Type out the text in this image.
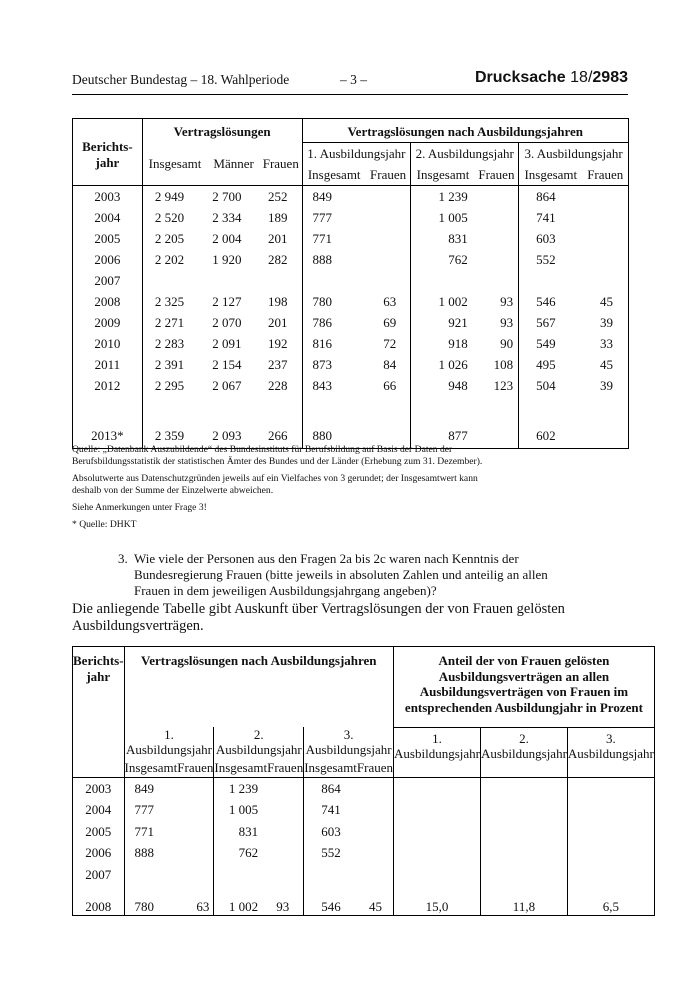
Deutscher Bundestag – 18. Wahlperiode	– 3 –	Drucksache 18/2983
Berichts-jahr	Vertragslösungen			Vertragslösungen nach Ausbildungsjahren					
	Insgesamt	Männer	Frauen	1. Ausbildungsjahr		2. Ausbildungsjahr		3. Ausbildungsjahr	
				Insgesamt	Frauen	Insgesamt	Frauen	Insgesamt	Frauen
2003	2 949	2 700	252	849		1 239		864	
2004	2 520	2 334	189	777		1 005		741	
2005	2 205	2 004	201	771		831		603	
2006	2 202	1 920	282	888		762		552	
2007									
2008	2 325	2 127	198	780	63	1 002	93	546	45
2009	2 271	2 070	201	786	69	921	93	567	39
2010	2 283	2 091	192	816	72	918	90	549	33
2011	2 391	2 154	237	873	84	1 026	108	495	45
2012	2 295	2 067	228	843	66	948	123	504	39
2013*	2 359	2 093	266	880		877		602	

Quelle: „Datenbank Auszubildende“ des Bundesinstituts für Berufsbildung auf Basis der Daten der Berufsbildungsstatistik der statistischen Ämter des Bundes und der Länder (Erhebung zum 31. Dezember).

Absolutwerte aus Datenschutzgründen jeweils auf ein Vielfaches von 3 gerundet; der Insgesamtwert kann deshalb von der Summe der Einzelwerte abweichen.

Siehe Anmerkungen unter Frage 3!

* Quelle: DHKT

3. Wie viele der Personen aus den Fragen 2a bis 2c waren nach Kenntnis der Bundesregierung Frauen (bitte jeweils in absoluten Zahlen und anteilig an allen Frauen in dem jeweiligen Ausbildungsjahrgang angeben)?
Die anliegende Tabelle gibt Auskunft über Vertragslösungen der von Frauen gelösten Ausbildungsverträgen.
Berichts-jahr	Vertragslösungen nach Ausbildungsjahren						Anteil der von Frauen gelösten Ausbildungsverträgen an allen Ausbildungsverträgen von Frauen im entsprechenden Ausbildungjahr in Prozent		
	1. Ausbildungsjahr		2. Ausbildungsjahr		3. Ausbildungsjahr		1. Ausbildungsjahr	2. Ausbildungsjahr	3. Ausbildungsjahr
	Insgesamt	Frauen	Insgesamt	Frauen	Insgesamt	Frauen			
2003	849		1 239		864				
2004	777		1 005		741				
2005	771		831		603				
2006	888		762		552				
2007									
2008	780	63	1 002	93	546	45	15,0	11,8	6,5
